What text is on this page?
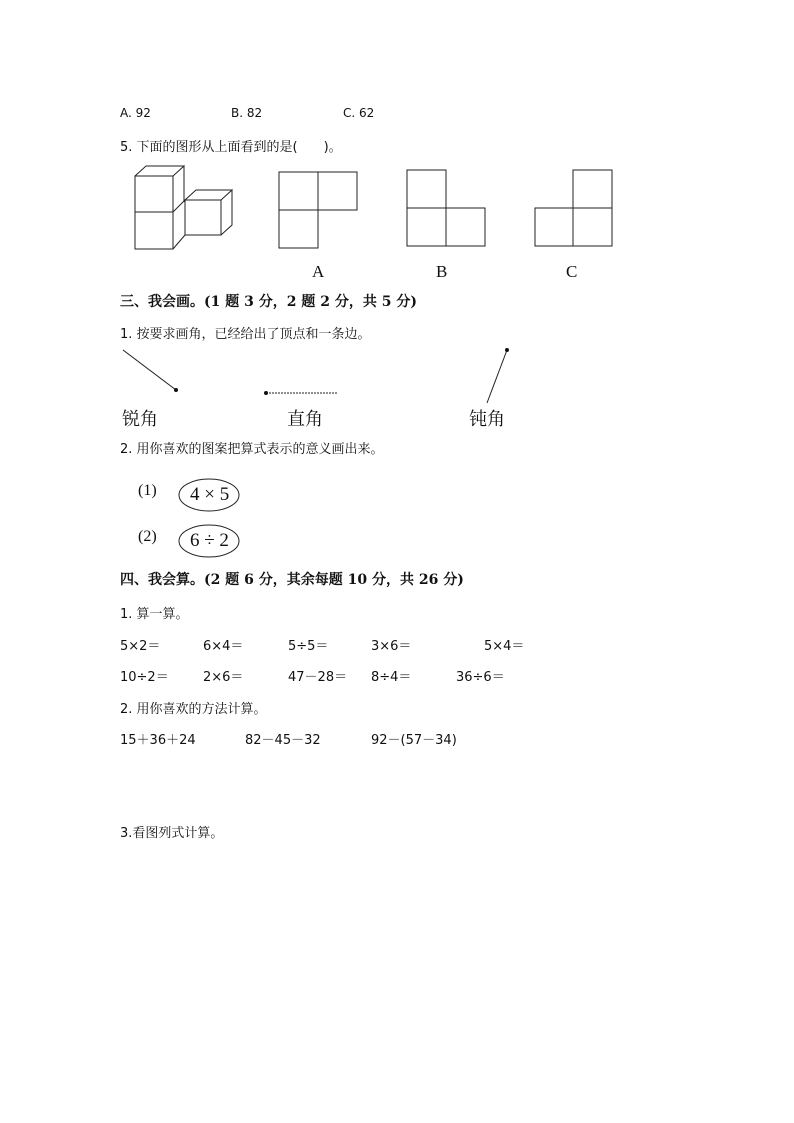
A. 92	B. 82	C. 62
5. 下面的图形从上面看到的是(　　)。
A	B	C
三、我会画。(1 题 3 分，2 题 2 分，共 5 分)
1. 按要求画角，已经给出了顶点和一条边。
锐角	直角	钝角
2. 用你喜欢的图案把算式表示的意义画出来。
(1) 4 × 5
(2) 6 ÷ 2
四、我会算。(2 题 6 分，其余每题 10 分，共 26 分)
1. 算一算。
5×2＝	6×4＝	5÷5＝	3×6＝	5×4＝
10÷2＝	2×6＝	47－28＝ 8÷4＝	36÷6＝
2. 用你喜欢的方法计算。
15＋36＋24	82－45－32	92－(57－34)
3.看图列式计算。
